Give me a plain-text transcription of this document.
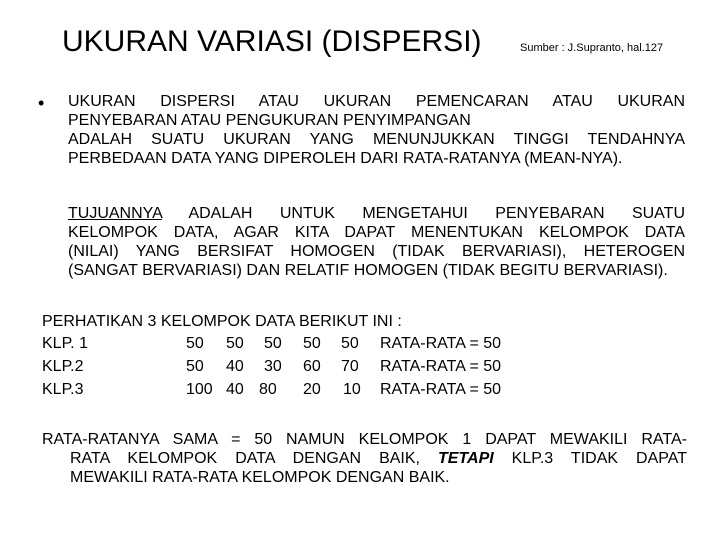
UKURAN VARIASI (DISPERSI)	Sumber : J.Supranto, hal.127
• UKURAN DISPERSI ATAU UKURAN PEMENCARAN ATAU UKURAN
PENYEBARAN ATAU PENGUKURAN PENYIMPANGAN
ADALAH SUATU UKURAN YANG MENUNJUKKAN TINGGI TENDAHNYA
PERBEDAAN DATA YANG DIPEROLEH DARI RATA-RATANYA (MEAN-NYA).
TUJUANNYA ADALAH UNTUK MENGETAHUI PENYEBARAN SUATU
KELOMPOK DATA, AGAR KITA DAPAT MENENTUKAN KELOMPOK DATA
(NILAI) YANG BERSIFAT HOMOGEN (TIDAK BERVARIASI), HETEROGEN
(SANGAT BERVARIASI) DAN RELATIF HOMOGEN (TIDAK BEGITU BERVARIASI).
PERHATIKAN 3 KELOMPOK DATA BERIKUT INI :
KLP. 1	50 50 50 50 50 RATA-RATA = 50
KLP.2	50 40 30 60 70 RATA-RATA = 50
KLP.3	100 40 80 20 10 RATA-RATA = 50
RATA-RATANYA SAMA = 50 NAMUN KELOMPOK 1 DAPAT MEWAKILI RATA-
RATA KELOMPOK DATA DENGAN BAIK, TETAPI KLP.3 TIDAK DAPAT
MEWAKILI RATA-RATA KELOMPOK DENGAN BAIK.
